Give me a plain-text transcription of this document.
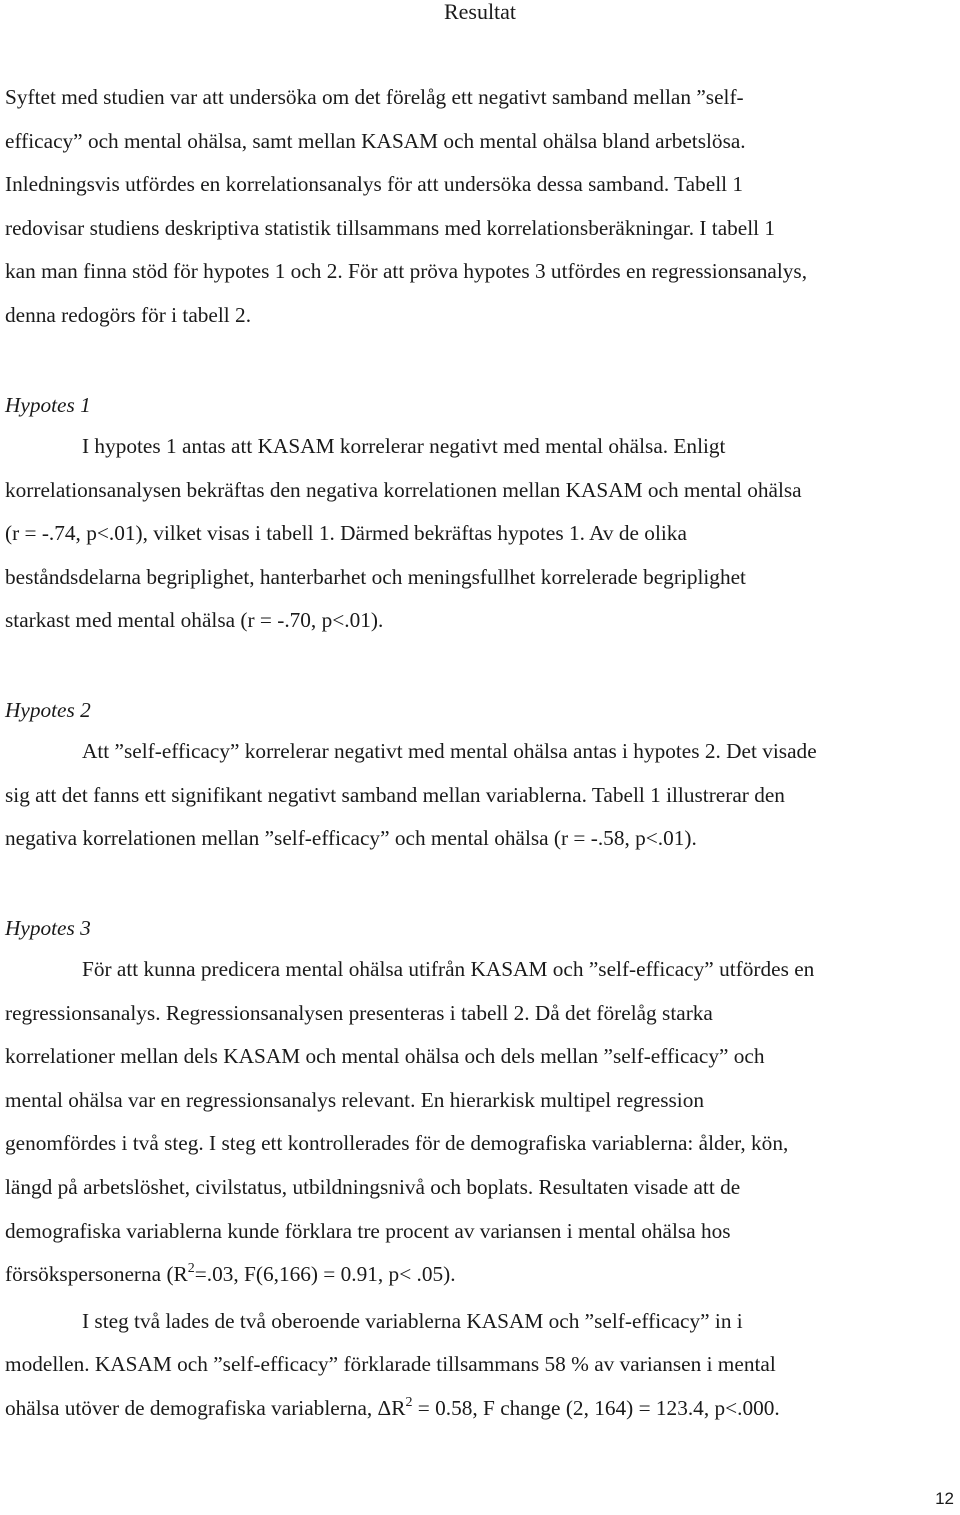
Resultat
Syftet med studien var att undersöka om det förelåg ett negativt samband mellan ”self-
efficacy” och mental ohälsa, samt mellan KASAM och mental ohälsa bland arbetslösa.
Inledningsvis utfördes en korrelationsanalys för att undersöka dessa samband. Tabell 1
redovisar studiens deskriptiva statistik tillsammans med korrelationsberäkningar. I tabell 1
kan man finna stöd för hypotes 1 och 2. För att pröva hypotes 3 utfördes en regressionsanalys,
denna redogörs för i tabell 2.
Hypotes 1
I hypotes 1 antas att KASAM korrelerar negativt med mental ohälsa. Enligt
korrelationsanalysen bekräftas den negativa korrelationen mellan KASAM och mental ohälsa
(r = -.74, p<.01), vilket visas i tabell 1. Därmed bekräftas hypotes 1. Av de olika
beståndsdelarna begriplighet, hanterbarhet och meningsfullhet korrelerade begriplighet
starkast med mental ohälsa (r = -.70, p<.01).
Hypotes 2
Att ”self-efficacy” korrelerar negativt med mental ohälsa antas i hypotes 2. Det visade
sig att det fanns ett signifikant negativt samband mellan variablerna. Tabell 1 illustrerar den
negativa korrelationen mellan ”self-efficacy” och mental ohälsa (r = -.58, p<.01).
Hypotes 3
För att kunna predicera mental ohälsa utifrån KASAM och ”self-efficacy” utfördes en
regressionsanalys. Regressionsanalysen presenteras i tabell 2. Då det förelåg starka
korrelationer mellan dels KASAM och mental ohälsa och dels mellan ”self-efficacy” och
mental ohälsa var en regressionsanalys relevant. En hierarkisk multipel regression
genomfördes i två steg. I steg ett kontrollerades för de demografiska variablerna: ålder, kön,
längd på arbetslöshet, civilstatus, utbildningsnivå och boplats. Resultaten visade att de
demografiska variablerna kunde förklara tre procent av variansen i mental ohälsa hos
försökspersonerna ($R^2=.03$, F(6,166) = 0.91, p< .05).
I steg två lades de två oberoende variablerna KASAM och ”self-efficacy” in i
modellen. KASAM och ”self-efficacy” förklarade tillsammans 58 % av variansen i mental
ohälsa utöver de demografiska variablerna, $\Delta R^2 = 0.58$, F change (2, 164) = 123.4, p<.000.
12
